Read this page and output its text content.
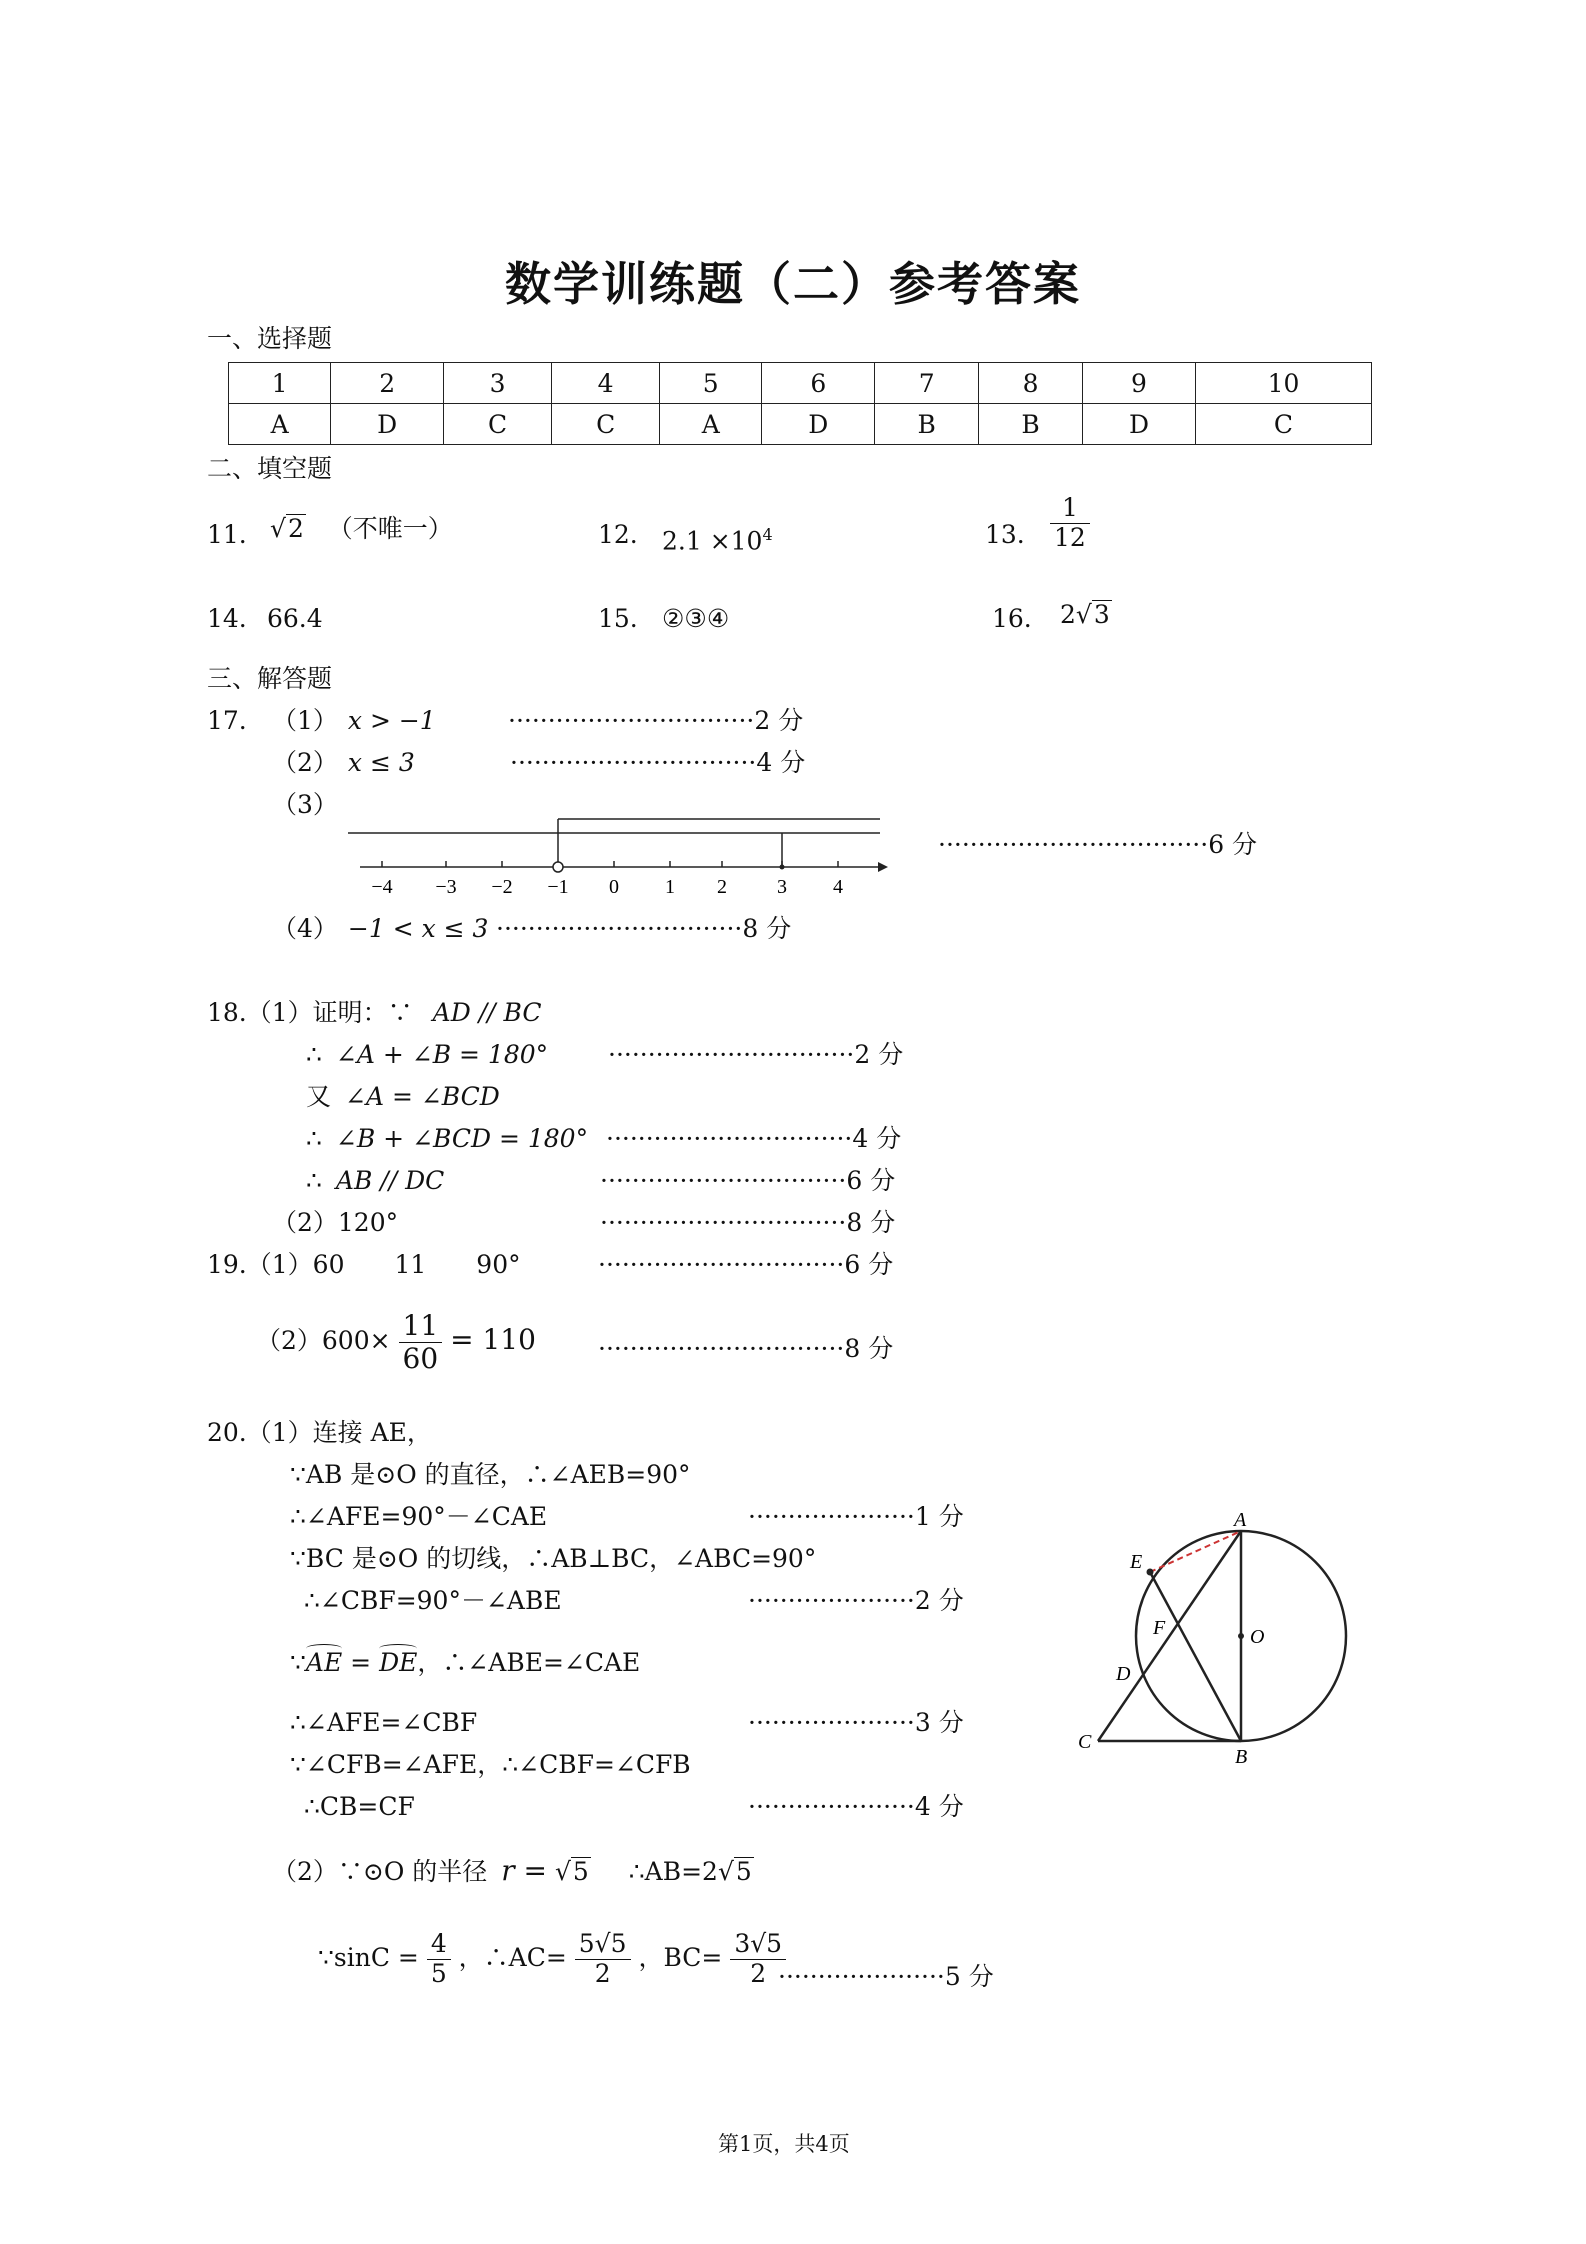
数学训练题（二）参考答案
一、选择题
1	2	3	4	5	6	7	8	9	10
A	D	C	C	A	D	B	B	D	C
二、填空题
11. √2 （不唯一）	12. $2.1 \times 10^4$	13. $\frac{1}{12}$
14. 66.4	15. ②③④	16. 2√3
三、解答题
17. （1） x > −1	·······························2 分
（2） x ≤ 3	·······························4 分
（3）
··································6 分
−4 −3 −2 −1 0 1 2	3 4
（4） −1 < x ≤ 3 ·······························8 分
18.（1）证明：∵ AD // BC
∴ ∠A + ∠B = 180° ·······························2 分
又 ∠A = ∠BCD
∴ ∠B + ∠BCD = 180° ·······························4 分
∴ AB // DC	·······························6 分
（2）120°	·······························8 分
19.（1）60　　11　　90°	·······························6 分
$(2)600\times \frac{11}{60} = 110 \cdot\cdot\cdot\cdot\cdot\cdot\cdot\cdot\cdot\cdot\cdot\cdot\cdot\cdot\cdot\cdot\cdot\cdot\cdot\cdot\cdot\cdot\cdot\cdot\cdot\cdot\cdot\cdot\cdot\cdot\cdot 8$ 分
20.（1）连接 AE，
∵AB 是⊙O 的直径，∴∠AEB=90°
∴∠AFE=90°－∠CAE	·····················1 分
∵BC 是⊙O 的切线，∴AB⊥BC，∠ABC=90°
∴∠CBF=90°－∠ABE	·····················2 分
∵AE = DE，∴∠ABE=∠CAE
∴∠AFE=∠CBF	·····················3 分
∵∠CFB=∠AFE，∴∠CBF=∠CFB
∴CB=CF	·····················4 分
（2）∵⊙O 的半径 r = √5 ∴AB=2√5
∵sinC = $\frac{4}{5}$ ，∴AC= $\frac{5√5}{2}$ ，$BC= \frac{3√5}{2}$
·····················5 分
A
E
F	O
D
C
B
第1页，共4页
